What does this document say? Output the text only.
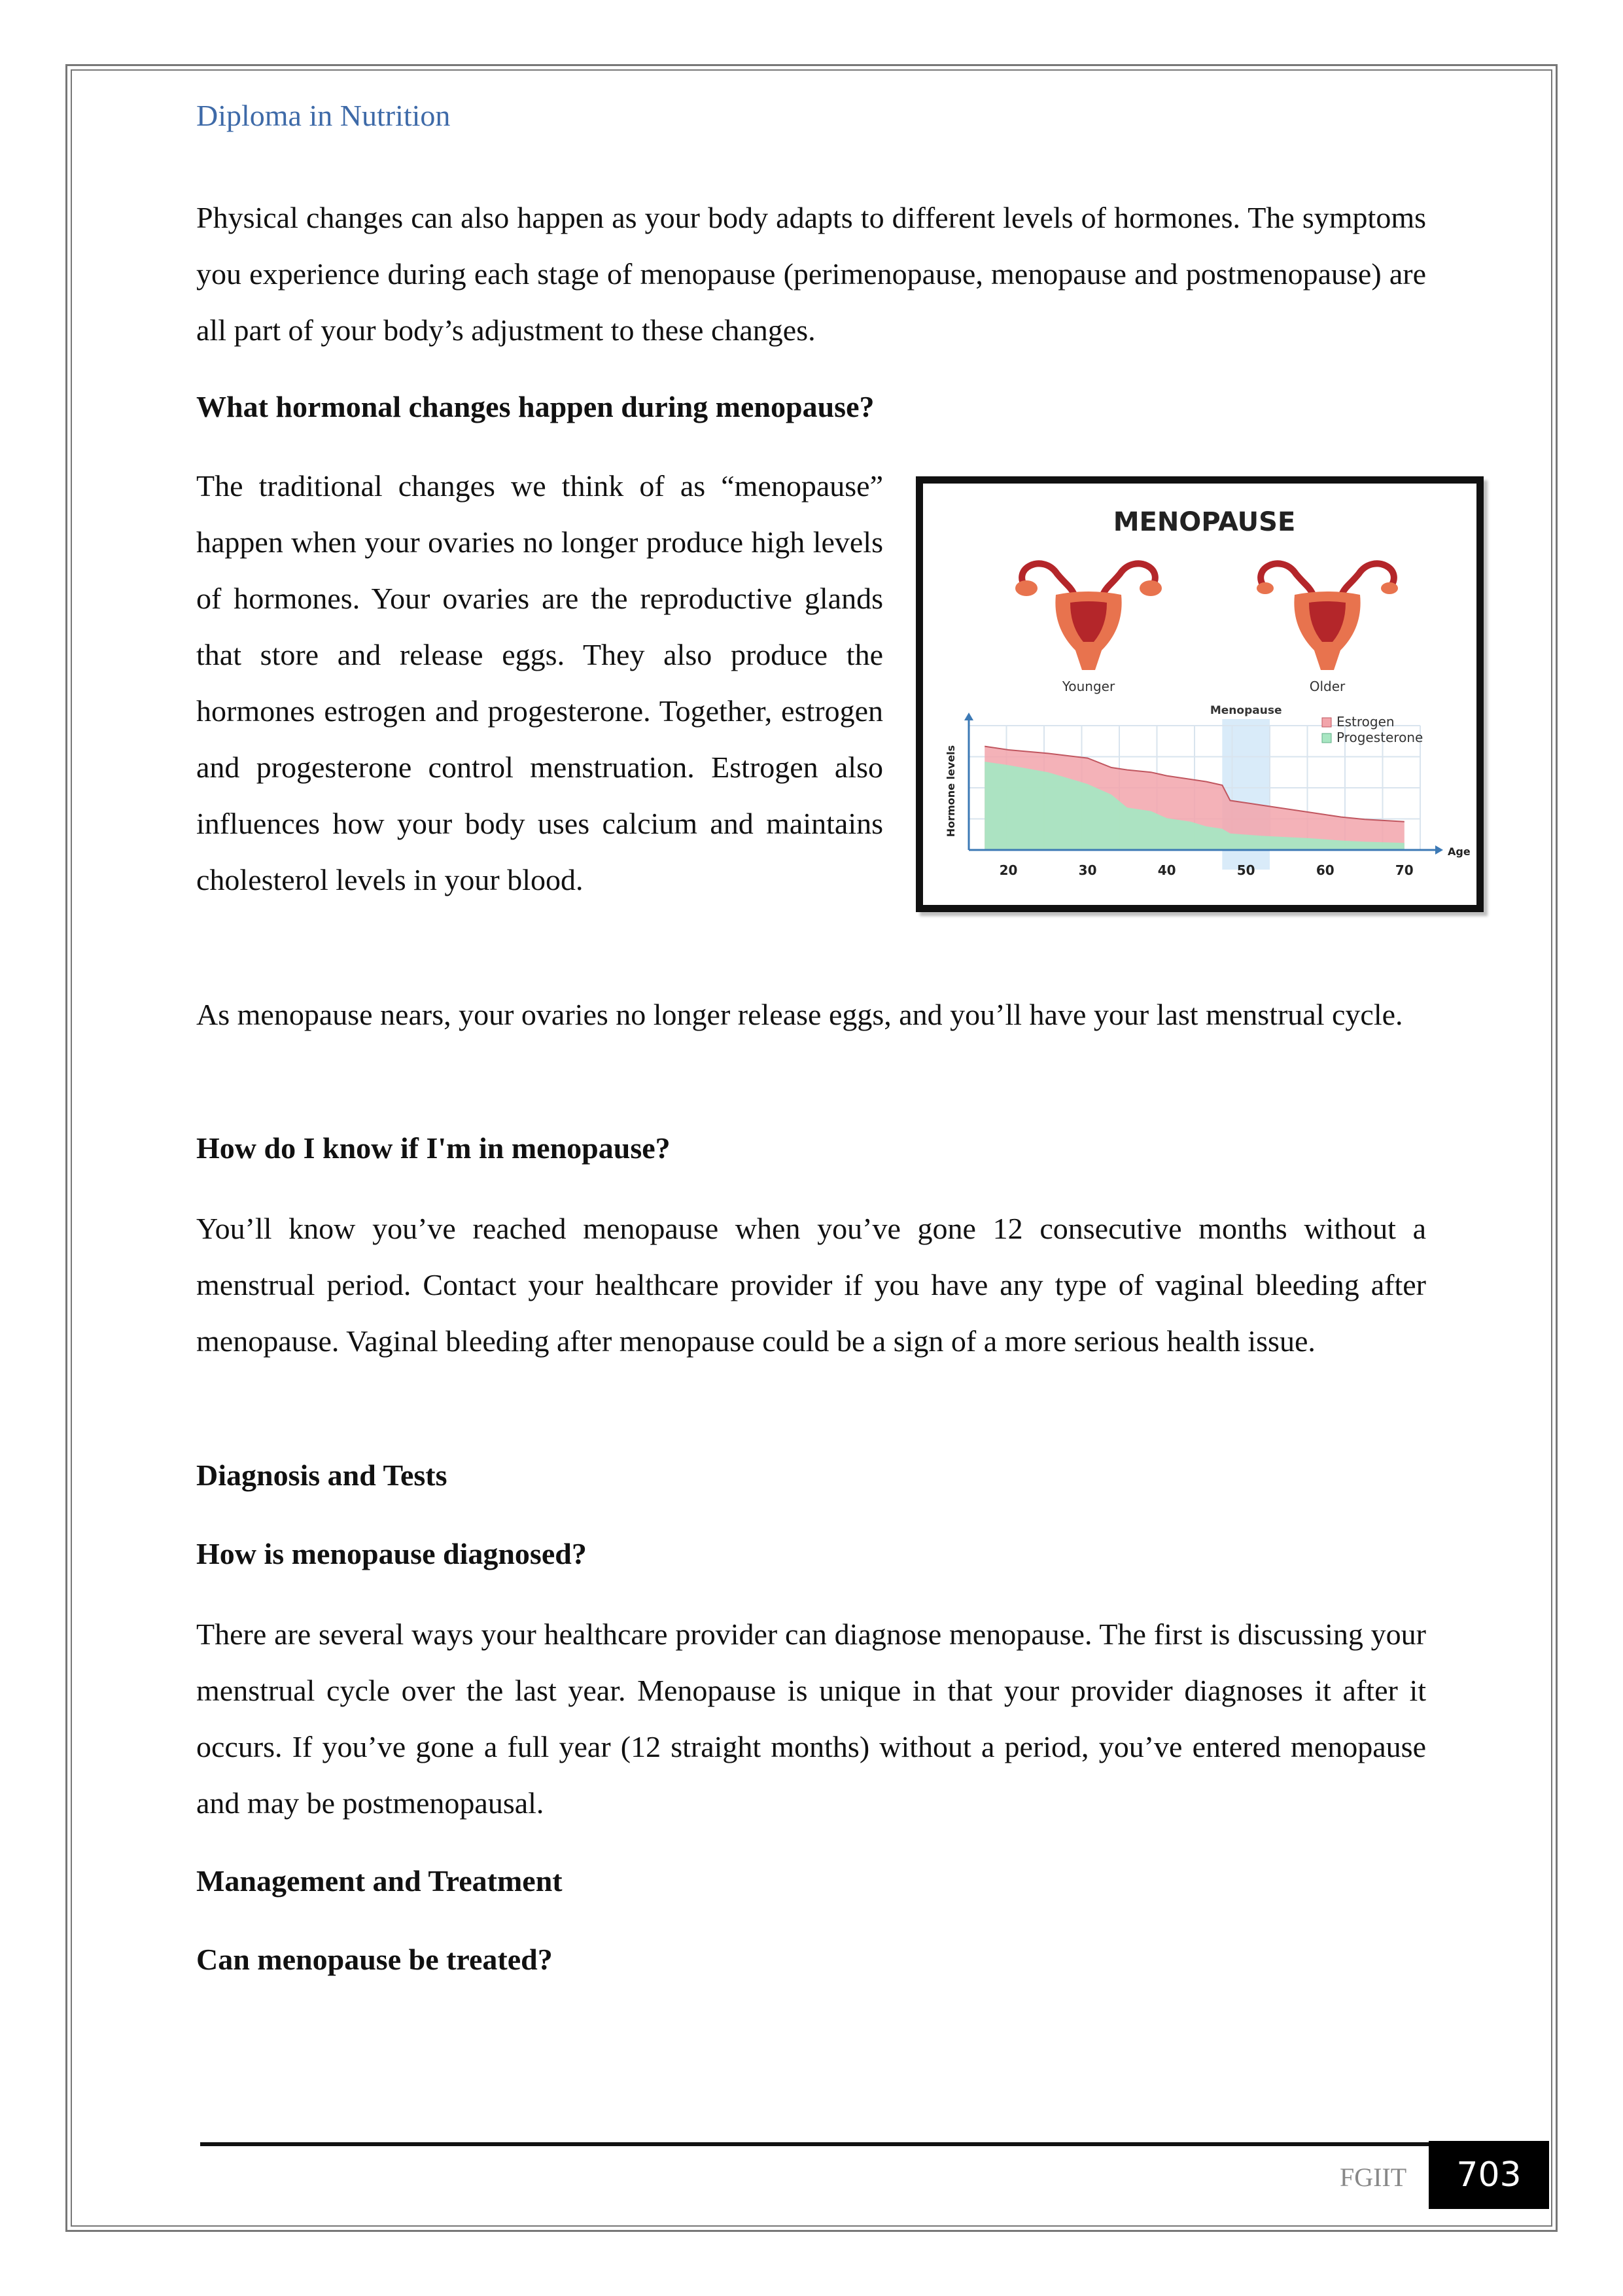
Diploma in Nutrition

Physical changes can also happen as your body adapts to different levels of hormones. The symptoms you experience during each stage of menopause (perimenopause, menopause and postmenopause) are all part of your body’s adjustment to these changes.

What hormonal changes happen during menopause?

The traditional changes we think of as “menopause” happen when your ovaries no longer produce high levels of hormones. Your ovaries are the reproductive glands that store and release eggs. They also produce the hormones estrogen and progesterone. Together, estrogen and progesterone control menstruation. Estrogen also influences how your body uses calcium and maintains cholesterol levels in your blood.

MENOPAUSE
Younger	Older
20	30	40	50	60	70
Age
Hormone levels
Menopause
Estrogen
Progesterone

As menopause nears, your ovaries no longer release eggs, and you’ll have your last menstrual cycle.

How do I know if I'm in menopause?

You’ll know you’ve reached menopause when you’ve gone 12 consecutive months without a menstrual period. Contact your healthcare provider if you have any type of vaginal bleeding after menopause. Vaginal bleeding after menopause could be a sign of a more serious health issue.

Diagnosis and Tests

How is menopause diagnosed?

There are several ways your healthcare provider can diagnose menopause. The first is discussing your menstrual cycle over the last year. Menopause is unique in that your provider diagnoses it after it occurs. If you’ve gone a full year (12 straight months) without a period, you’ve entered menopause and may be postmenopausal.

Management and Treatment

Can menopause be treated?

FGIIT	703
